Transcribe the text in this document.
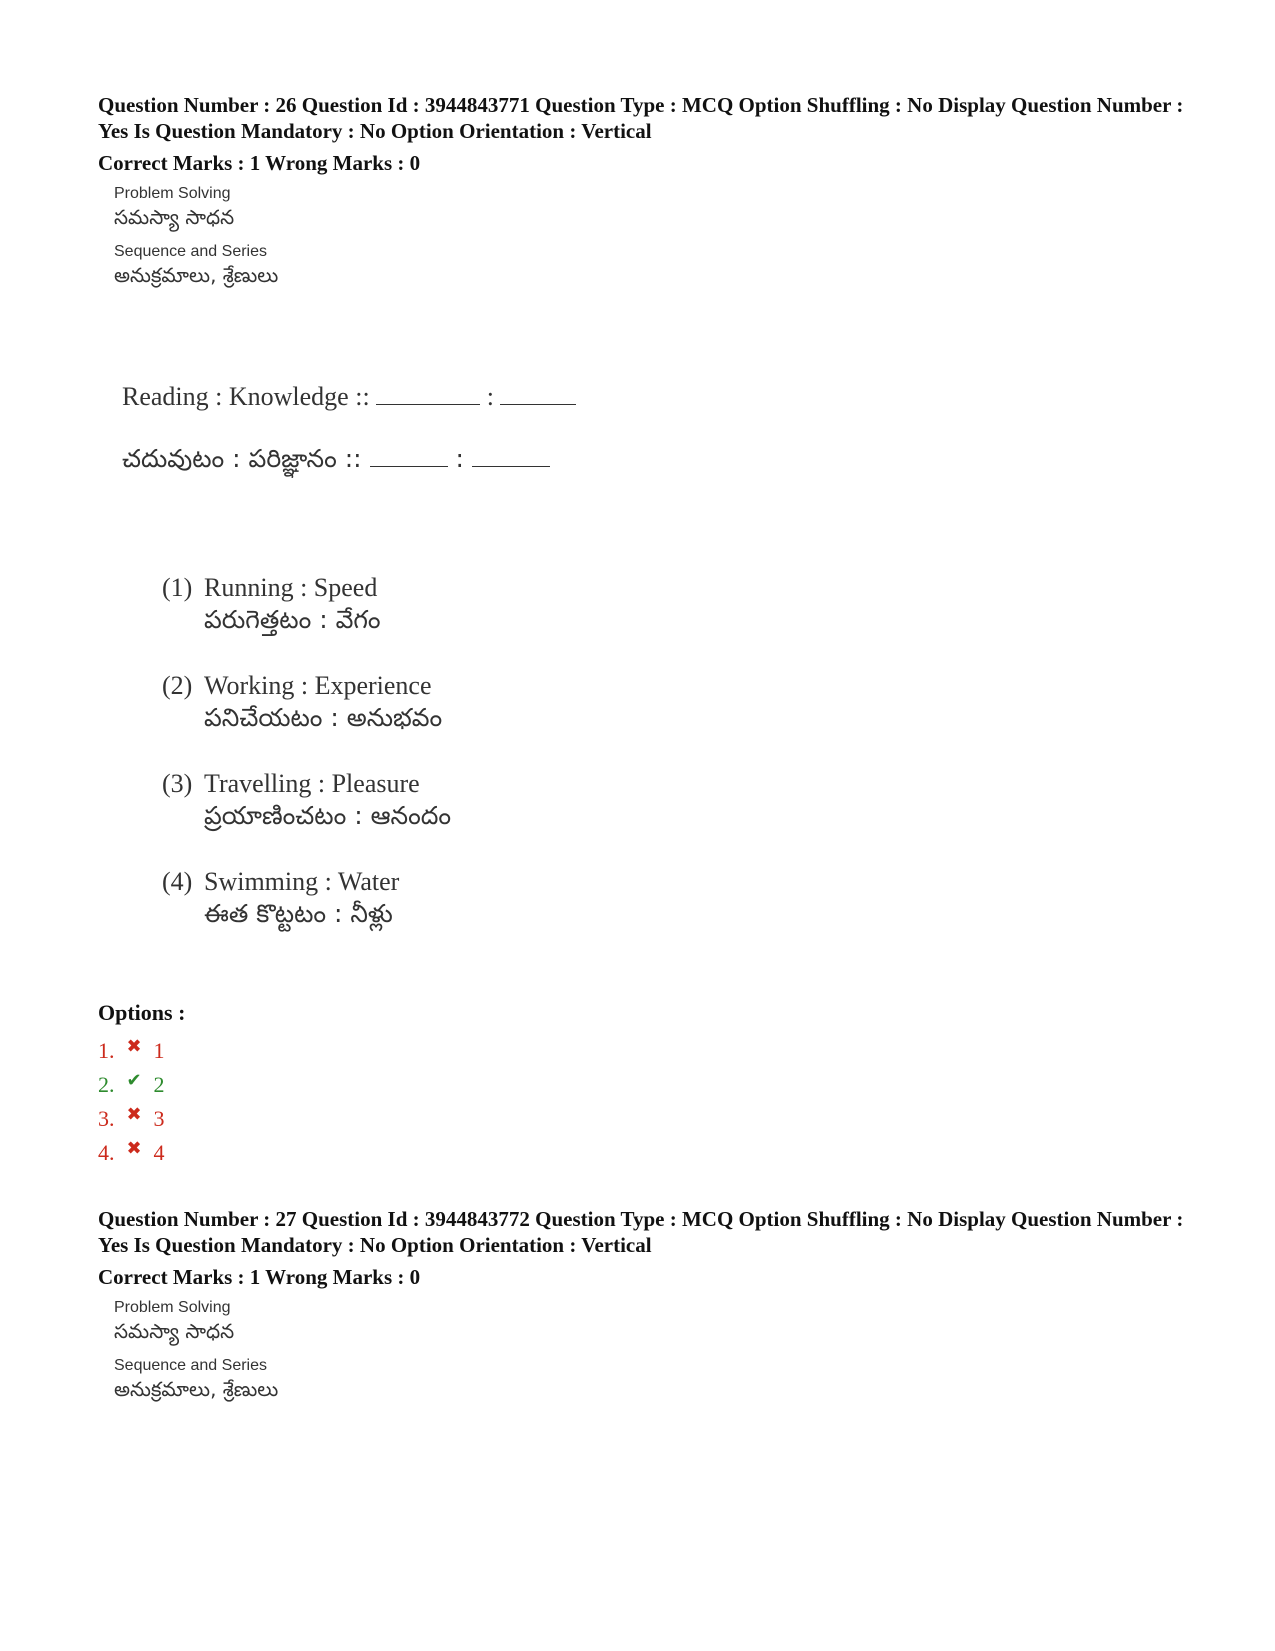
Question Number : 26 Question Id : 3944843771 Question Type : MCQ Option Shuffling : No Display Question Number : Yes Is Question Mandatory : No Option Orientation : Vertical

Correct Marks : 1 Wrong Marks : 0
Problem Solving
సమస్యా సాధన
Sequence and Series
అనుక్రమాలు, శ్రేణులు
Reading : Knowledge ::	:
చదువుటం : పరిజ్ఞానం ::	:
(1) Running : Speed
పరుగెత్తటం : వేగం
(2) Working : Experience
పనిచేయటం : అనుభవం
(3) Travelling : Pleasure
ప్రయాణించటం : ఆనందం
(4) Swimming : Water
ఈత కొట్టటం : నీళ్లు
Options :
1. ✖ 1
2. ✔ 2
3. ✖ 3
4. ✖ 4

Question Number : 27 Question Id : 3944843772 Question Type : MCQ Option Shuffling : No Display Question Number : Yes Is Question Mandatory : No Option Orientation : Vertical

Correct Marks : 1 Wrong Marks : 0
Problem Solving
సమస్యా సాధన
Sequence and Series
అనుక్రమాలు, శ్రేణులు
